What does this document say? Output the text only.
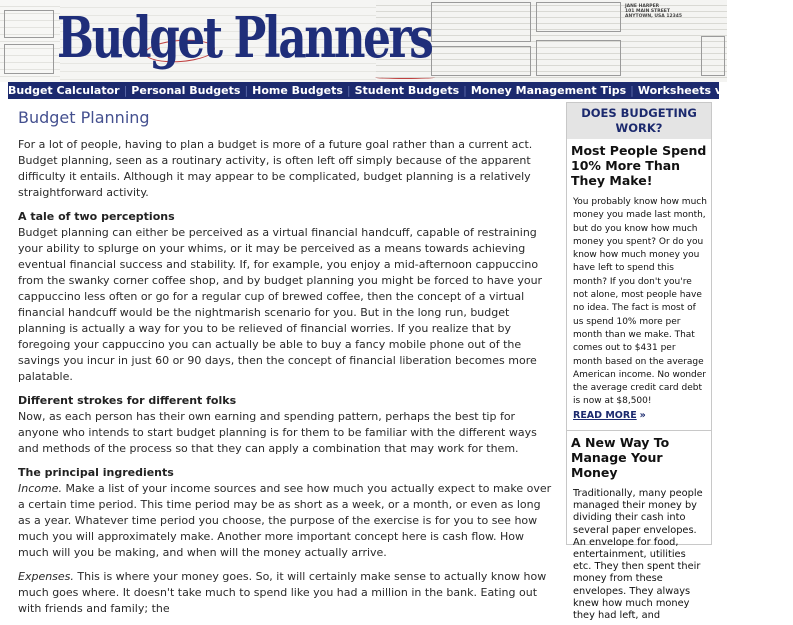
JANE HARPER
101 MAIN STREET
ANYTOWN, USA 12345
Budget Planners
Budget Calculator | Personal Budgets | Home Budgets | Student Budgets | Money Management Tips | Worksheets vs. Software
Budget Planning

For a lot of people, having to plan a budget is more of a future goal rather than a current act. Budget planning, seen as a routinary activity, is often left off simply because of the apparent difficulty it entails. Although it may appear to be complicated, budget planning is a relatively straightforward activity.

A tale of two perceptions

Budget planning can either be perceived as a virtual financial handcuff, capable of restraining your ability to splurge on your whims, or it may be perceived as a means towards achieving eventual financial success and stability. If, for example, you enjoy a mid-afternoon cappuccino from the swanky corner coffee shop, and by budget planning you might be forced to have your cappuccino less often or go for a regular cup of brewed coffee, then the concept of a virtual financial handcuff would be the nightmarish scenario for you. But in the long run, budget planning is actually a way for you to be relieved of financial worries. If you realize that by foregoing your cappuccino you can actually be able to buy a fancy mobile phone out of the savings you incur in just 60 or 90 days, then the concept of financial liberation becomes more palatable.

Different strokes for different folks

Now, as each person has their own earning and spending pattern, perhaps the best tip for anyone who intends to start budget planning is for them to be familiar with the different ways and methods of the process so that they can apply a combination that may work for them.

The principal ingredients

Income. Make a list of your income sources and see how much you actually expect to make over a certain time period. This time period may be as short as a week, or a month, or even as long as a year. Whatever time period you choose, the purpose of the exercise is for you to see how much you will approximately make. Another more important concept here is cash flow. How much will you be making, and when will the money actually arrive.

Expenses. This is where your money goes. So, it will certainly make sense to actually know how much goes where. It doesn't take much to spend like you had a million in the bank. Eating out with friends and family; the

DOES BUDGETING WORK?
Most People Spend 10% More Than They Make!
You probably know how much money you made last month, but do you know how much money you spent? Or do you know how much money you have left to spend this month? If you don't you're not alone, most people have no idea. The fact is most of us spend 10% more per month than we make. That comes out to $431 per month based on the average American income. No wonder the average credit card debt is now at $8,500!
READ MORE »
A New Way To Manage Your Money
Traditionally, many people managed their money by dividing their cash into several paper envelopes. An envelope for food, entertainment, utilities etc. They then spent their money from these envelopes. They always knew how much money they had left, and
